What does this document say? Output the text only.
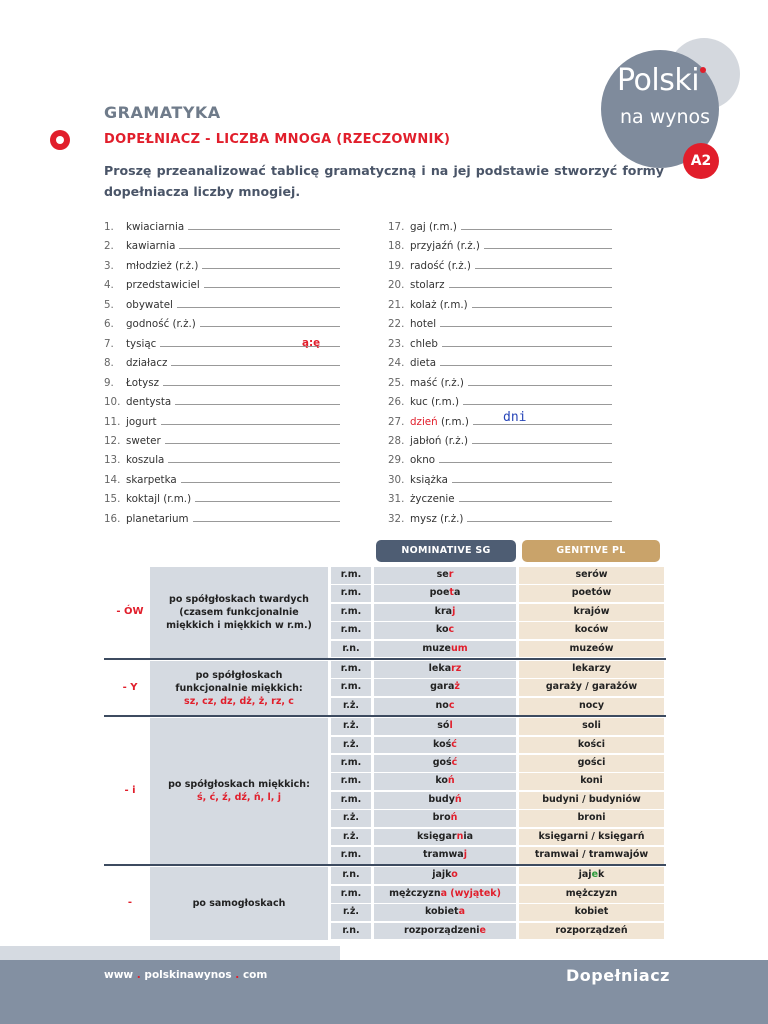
Polski
na wynos
A2
GRAMATYKA
DOPEŁNIACZ - LICZBA MNOGA (RZECZOWNIK)
Proszę przeanalizować tablicę gramatyczną i na jej podstawie stworzyć formy dopełniacza liczby mnogiej.
1. kwiaciarnia
2. kawiarnia
3. młodzież (r.ż.)
4. przedstawiciel
5. obywatel
6. godność (r.ż.)
7. tysiąc	ą:ę
8. działacz
9. Łotysz
10. dentysta
11. jogurt
12. sweter
13. koszula
14. skarpetka
15. koktajl (r.m.)
16. planetarium
17. gaj (r.m.)
18. przyjaźń (r.ż.)
19. radość (r.ż.)
20. stolarz
21. kolaż (r.m.)
22. hotel
23. chleb
24. dieta
25. maść (r.ż.)
26. kuc (r.m.)
27. dzień (r.m.)	dni
28. jabłoń (r.ż.)
29. okno
30. książka
31. życzenie
32. mysz (r.ż.)
NOMINATIVE SG	GENITIVE PL
po spółgłoskach twardych (czasem funkcjonalnie miękkich i miękkich w r.m.)
- ÓW
r.m.	ser	serów
r.m.	poeta	poetów
r.m.	kraj	krajów
r.m.	koc	koców
r.n.	muzeum	muzeów
po spółgłoskach funkcjonalnie miękkich:
sz, cz, dz, dż, ż, rz, c
- Y
r.m.	lekarz	lekarzy
r.m.	garaż	garaży / garażów
r.ż.	noc	nocy
po spółgłoskach miękkich:
ś, ć, ź, dź, ń, l, j
- i
r.ż.	sól	soli
r.ż.	kość	kości
r.m.	gość	gości
r.m.	koń	koni
r.m.	budyń	budyni / budyniów
r.ż.	broń	broni
r.ż.	księgarnia	księgarni / księgarń
r.m.	tramwaj	tramwai / tramwajów
po samogłoskach
-
r.n.	jajko	jajek
r.m.	mężczyzna (wyjątek)	mężczyzn
r.ż.	kobieta	kobiet
r.n.	rozporządzenie	rozporządzeń
www . polskinawynos . com	Dopełniacz
